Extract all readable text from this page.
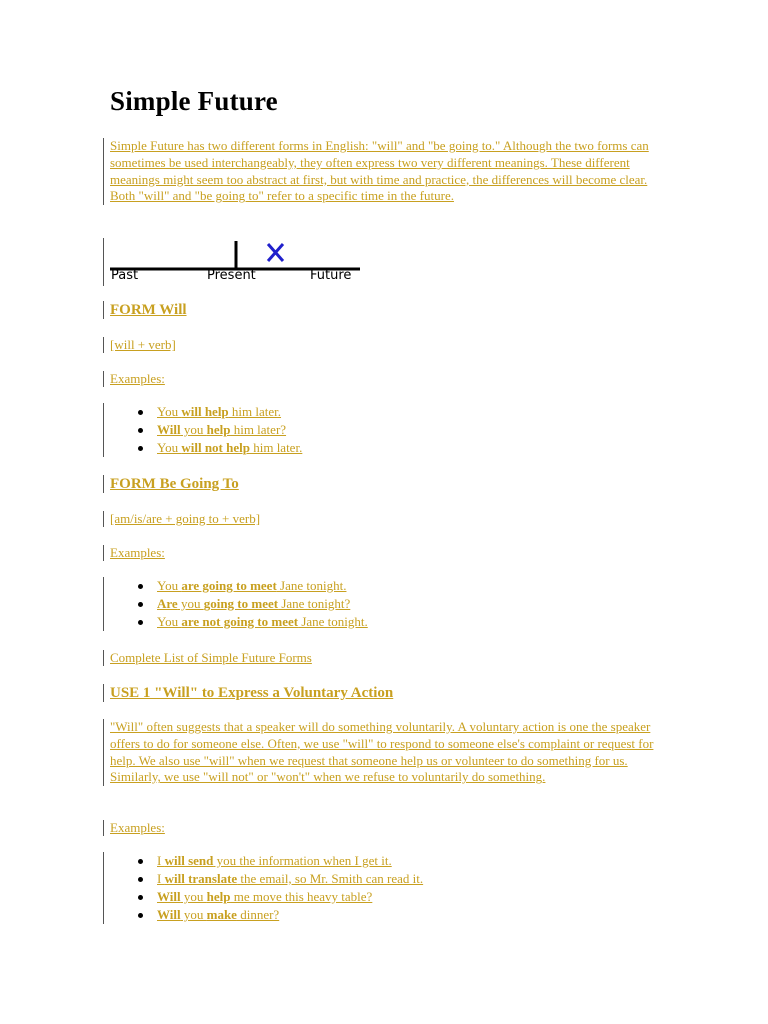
Simple Future

Simple Future has two different forms in English: "will" and "be going to." Although the two forms can sometimes be used interchangeably, they often express two very different meanings. These different meanings might seem too abstract at first, but with time and practice, the differences will become clear. Both "will" and "be going to" refer to a specific time in the future.

Past	Present	Future

FORM Will

[will + verb]

Examples:

You will help him later.
Will you help him later?
You will not help him later.

FORM Be Going To

[am/is/are + going to + verb]

Examples:

You are going to meet Jane tonight.
Are you going to meet Jane tonight?
You are not going to meet Jane tonight.

Complete List of Simple Future Forms

USE 1 "Will" to Express a Voluntary Action

"Will" often suggests that a speaker will do something voluntarily. A voluntary action is one the speaker offers to do for someone else. Often, we use "will" to respond to someone else's complaint or request for help. We also use "will" when we request that someone help us or volunteer to do something for us. Similarly, we use "will not" or "won't" when we refuse to voluntarily do something.

Examples:

I will send you the information when I get it.
I will translate the email, so Mr. Smith can read it.
Will you help me move this heavy table?
Will you make dinner?
